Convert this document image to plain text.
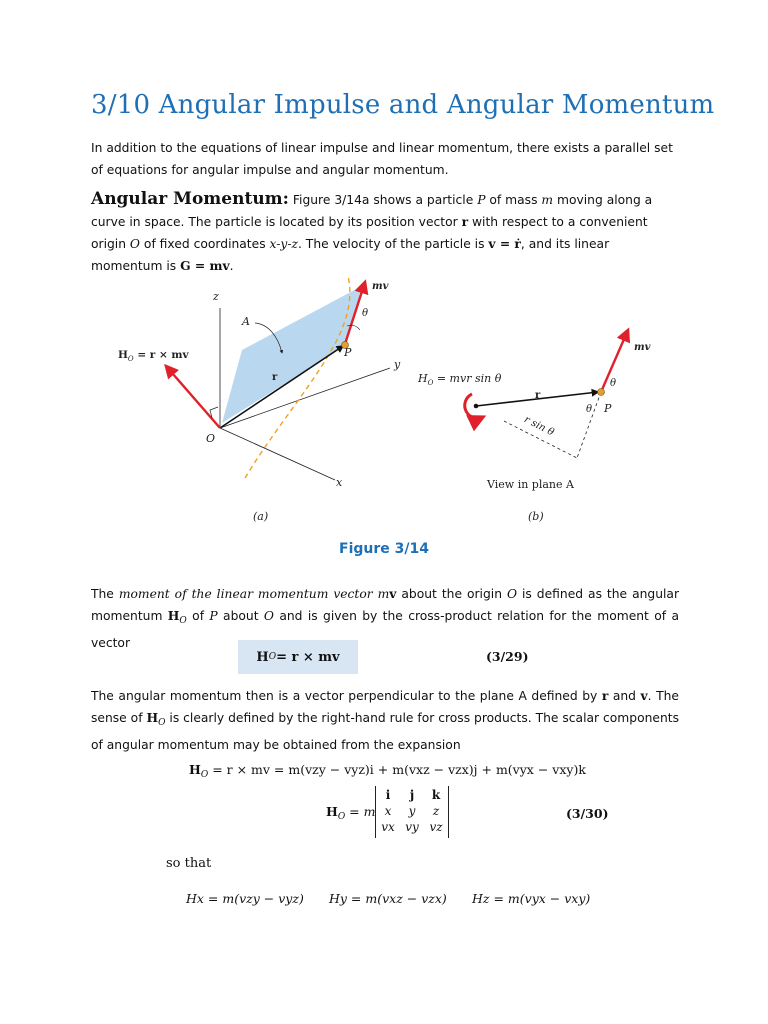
3/10 Angular Impulse and Angular Momentum

In addition to the equations of linear impulse and linear momentum, there exists a parallel set of equations for angular impulse and angular momentum.

Angular Momentum: Figure 3/14a shows a particle P of mass m moving along a curve in space. The particle is located by its position vector r with respect to a convenient origin O of fixed coordinates x-y-z. The velocity of the particle is v = ṙ, and its linear momentum is G = mv.

z
y
x
O
A
P
r
θ
mv
$H_O = r$ × mv
(a)
$H_O$ = mvr sin θ
r
r sin θ
θ
θ P
mv
View in plane A
(b)

Figure 3/14

The moment of the linear momentum vector mv about the origin O is defined as the angular momentum $H_O$ of P about O and is given by the cross-product relation for the moment of a vector

H O = r × mv	(3/29)

The angular momentum then is a vector perpendicular to the plane A defined by r and v. The sense of $H_O$ is clearly defined by the right-hand rule for cross products. The scalar components of angular momentum may be obtained from the expansion

$H_O = r$ × mv = m(vzy − vyz)i + m(vxz − vzx)j + m(vyx − vxy)k
$H_O = m$
i	j	k
x	y	z
vx vy vz
(3/30)
so that
Hx = m(vzy − vyz) Hy = m(vxz − vzx) Hz = m(vyx − vxy)
